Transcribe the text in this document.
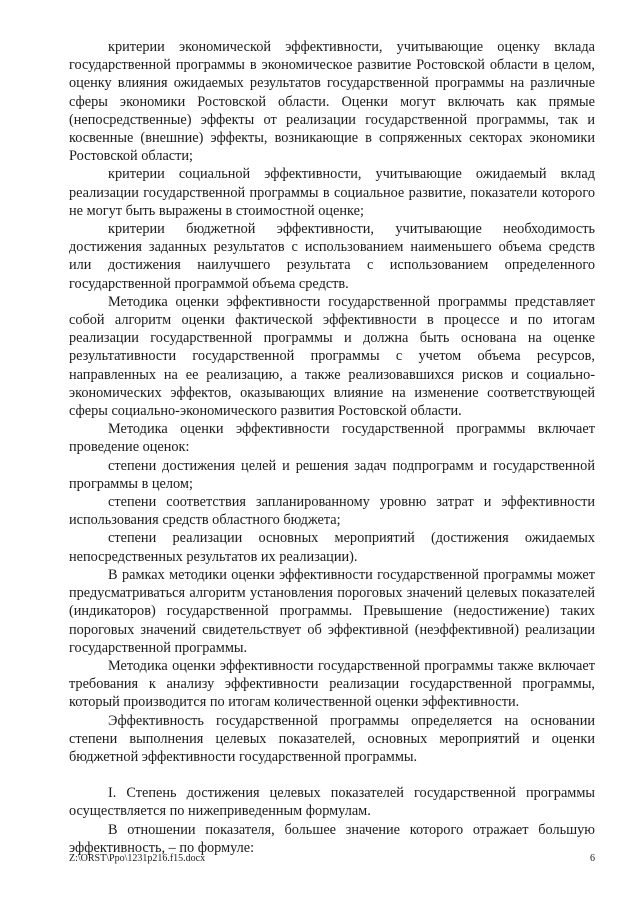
критерии экономической эффективности, учитывающие оценку вклада государственной программы в экономическое развитие Ростовской области в целом, оценку влияния ожидаемых результатов государственной программы на различные сферы экономики Ростовской области. Оценки могут включать как прямые (непосредственные) эффекты от реализации государственной программы, так и косвенные (внешние) эффекты, возникающие в сопряженных секторах экономики Ростовской области;

критерии социальной эффективности, учитывающие ожидаемый вклад реализации государственной программы в социальное развитие, показатели которого не могут быть выражены в стоимостной оценке;

критерии бюджетной эффективности, учитывающие необходимость достижения заданных результатов с использованием наименьшего объема средств или достижения наилучшего результата с использованием определенного государственной программой объема средств.

Методика оценки эффективности государственной программы представляет собой алгоритм оценки фактической эффективности в процессе и по итогам реализации государственной программы и должна быть основана на оценке результативности государственной программы с учетом объема ресурсов, направленных на ее реализацию, а также реализовавшихся рисков и социально-экономических эффектов, оказывающих влияние на изменение соответствующей сферы социально-экономического развития Ростовской области.

Методика оценки эффективности государственной программы включает проведение оценок:

степени достижения целей и решения задач подпрограмм и государственной программы в целом;

степени соответствия запланированному уровню затрат и эффективности использования средств областного бюджета;

степени реализации основных мероприятий (достижения ожидаемых непосредственных результатов их реализации).

В рамках методики оценки эффективности государственной программы может предусматриваться алгоритм установления пороговых значений целевых показателей (индикаторов) государственной программы. Превышение (недостижение) таких пороговых значений свидетельствует об эффективной (неэффективной) реализации государственной программы.

Методика оценки эффективности государственной программы также включает требования к анализу эффективности реализации государственной программы, который производится по итогам количественной оценки эффективности.

Эффективность государственной программы определяется на основании степени выполнения целевых показателей, основных мероприятий и оценки бюджетной эффективности государственной программы.

I. Степень достижения целевых показателей государственной программы осуществляется по нижеприведенным формулам.

В отношении показателя, большее значение которого отражает большую эффективность, – по формуле:

Z:\ORST\Ppo\1231p216.f15.docx	6
